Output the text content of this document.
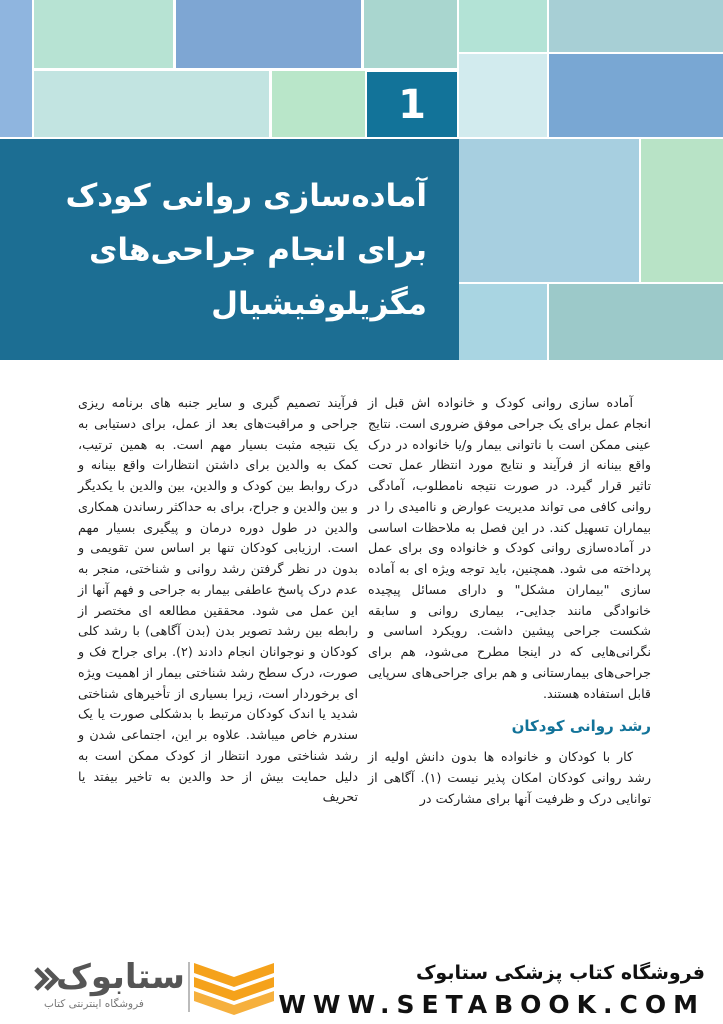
1
آماده‌سازی روانی کودک
برای انجام جراحی‌های
مگزیلوفیشیال

آماده سازی روانی کودک و خانواده اش قبل از انجام عمل برای یک جراحی موفق ضروری است. نتایج عینی ممکن است با ناتوانی بیمار و/یا خانواده در درک واقع بینانه از فرآیند و نتایج مورد انتظار عمل تحت تاثیر قرار گیرد. در صورت نتیجه نامطلوب، آمادگی روانی کافی می تواند مدیریت عوارض و ناامیدی را در بیماران تسهیل کند. در این فصل به ملاحظات اساسی در آماده‌سازی روانی کودک و خانواده وی برای عمل پرداخته می شود. همچنین، باید توجه ویژه ای به آماده سازی "بیماران مشکل" و دارای مسائل پیچیده خانوادگی مانند جدایی-، بیماری روانی و سابقه شکست جراحی پیشین داشت. رویکرد اساسی و نگرانی‌هایی که در اینجا مطرح می‌شود، هم برای جراحی‌های بیمارستانی و هم برای جراحی‌های سرپایی قابل استفاده هستند.

رشد روانی کودکان

کار با کودکان و خانواده ها بدون دانش اولیه از رشد روانی کودکان امکان پذیر نیست (۱). آگاهی از توانایی درک و ظرفیت آنها برای مشارکت در

فرآیند تصمیم گیری و سایر جنبه های برنامه ریزی جراحی و مراقبت‌های بعد از عمل، برای دستیابی به یک نتیجه مثبت بسیار مهم است. به همین ترتیب، کمک به والدین برای داشتن انتظارات واقع بینانه و درک روابط بین کودک و والدین، بین والدین با یکدیگر و بین والدین و جراح، برای به حداکثر رساندن همکاری والدین در طول دوره درمان و پیگیری بسیار مهم است. ارزیابی کودکان تنها بر اساس سن تقویمی و بدون در نظر گرفتن رشد روانی و شناختی، منجر به عدم درک پاسخ عاطفی بیمار به جراحی و فهم آنها از این عمل می شود. محققین مطالعه ای مختصر از رابطه بین رشد تصویر بدن (بدن آگاهی) با رشد کلی کودکان و نوجوانان انجام دادند (۲). برای جراح فک و صورت، درک سطح رشد شناختی بیمار از اهمیت ویژه ای برخوردار است، زیرا بسیاری از تأخیرهای شناختی شدید یا اندک کودکان مرتبط با بدشکلی صورت یا یک سندرم خاص میباشد. علاوه بر این، اجتماعی شدن و رشد شناختی مورد انتظار از کودک ممکن است به دلیل حمایت بیش از حد والدین به تاخیر بیفتد یا تحریف

فروشگاه کتاب پزشکی ستابوک
WWW.SETABOOK.COM
ستابوک
فروشگاه اینترنتی کتاب
